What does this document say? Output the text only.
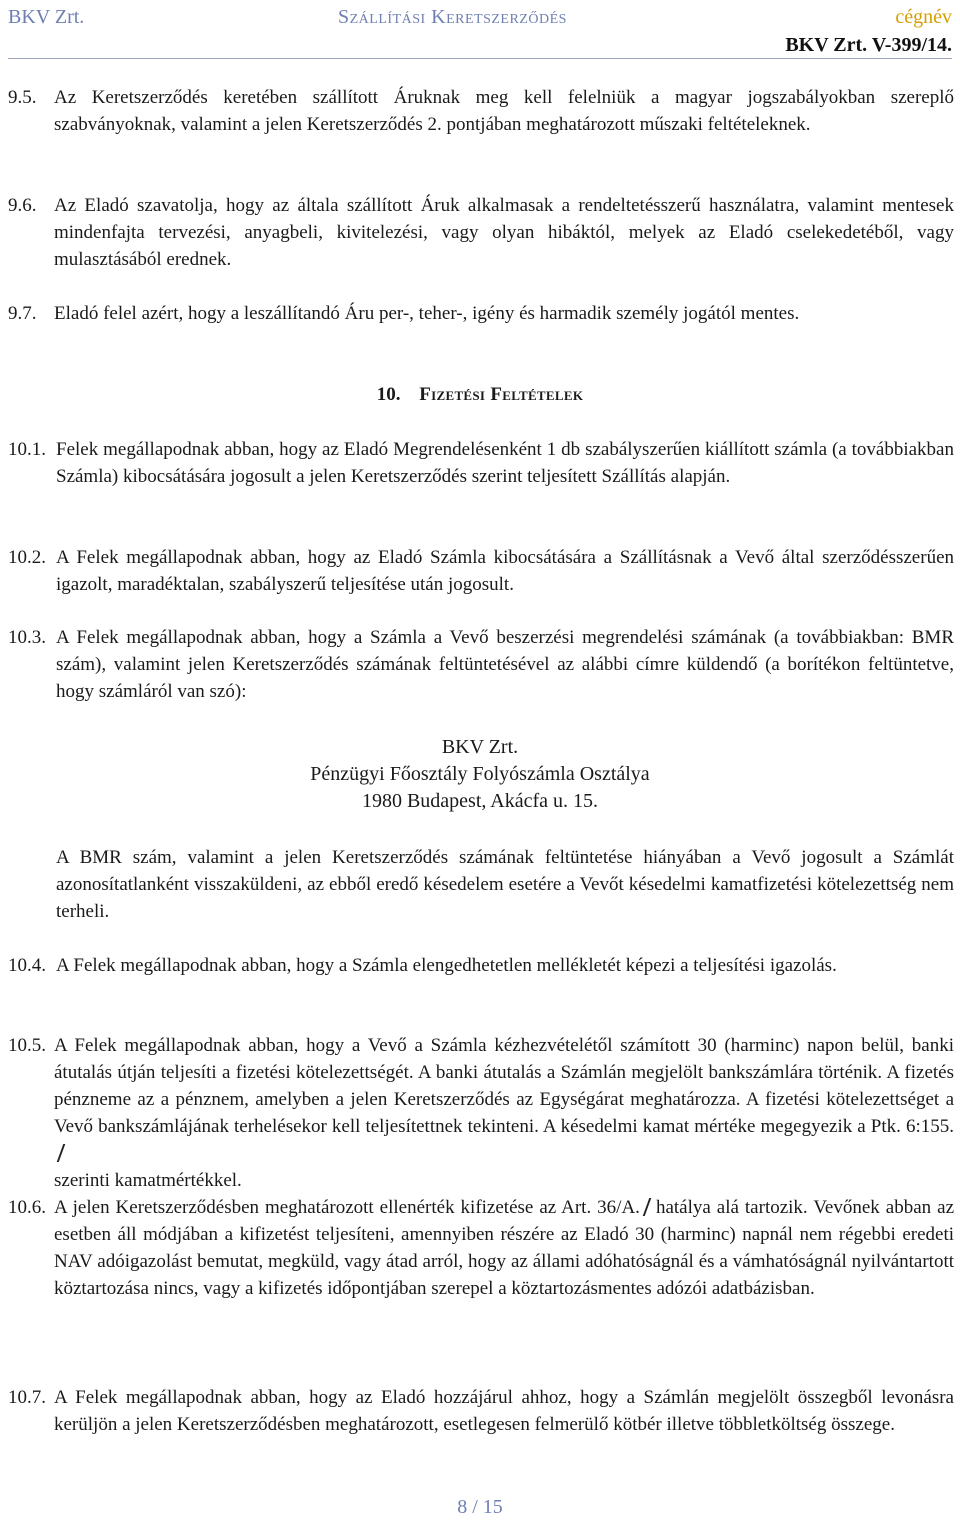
BKV Zrt.	Szállítási Keretszerződés	cégnév
BKV Zrt. V-399/14.
9.5. Az Keretszerződés keretében szállított Áruknak meg kell felelniük a magyar jogszabályokban szereplő szabványoknak, valamint a jelen Keretszerződés 2. pontjában meghatározott műszaki feltételeknek.
9.6. Az Eladó szavatolja, hogy az általa szállított Áruk alkalmasak a rendeltetésszerű használatra, valamint mentesek mindenfajta tervezési, anyagbeli, kivitelezési, vagy olyan hibáktól, melyek az Eladó cselekedetéből, vagy mulasztásából erednek.
9.7. Eladó felel azért, hogy a leszállítandó Áru per-, teher-, igény és harmadik személy jogától mentes.
10. Fizetési Feltételek
10.1. Felek megállapodnak abban, hogy az Eladó Megrendelésenként 1 db szabályszerűen kiállított számla (a továbbiakban Számla) kibocsátására jogosult a jelen Keretszerződés szerint teljesített Szállítás alapján.
10.2. A Felek megállapodnak abban, hogy az Eladó Számla kibocsátására a Szállításnak a Vevő által szerződésszerűen igazolt, maradéktalan, szabályszerű teljesítése után jogosult.
10.3. A Felek megállapodnak abban, hogy a Számla a Vevő beszerzési megrendelési számának (a továbbiakban: BMR szám), valamint jelen Keretszerződés számának feltüntetésével az alábbi címre küldendő (a borítékon feltüntetve, hogy számláról van szó):
BKV Zrt.
Pénzügyi Főosztály Folyószámla Osztálya
1980 Budapest, Akácfa u. 15.
A BMR szám, valamint a jelen Keretszerződés számának feltüntetése hiányában a Vevő jogosult a Számlát azonosítatlanként visszaküldeni, az ebből eredő késedelem esetére a Vevőt késedelmi kamatfizetési kötelezettség nem terheli.
10.4. A Felek megállapodnak abban, hogy a Számla elengedhetetlen mellékletét képezi a teljesítési igazolás.
10.5. A Felek megállapodnak abban, hogy a Vevő a Számla kézhezvételétől számított 30 (harminc) napon belül, banki átutalás útján teljesíti a fizetési kötelezettségét. A banki átutalás a Számlán megjelölt bankszámlára történik. A fizetés pénzneme az a pénznem, amelyben a jelen Keretszerződés az Egységárat meghatározza. A fizetési kötelezettséget a Vevő bankszámlájának terhelésekor kell teljesítettnek tekinteni. A késedelmi kamat mértéke megegyezik a Ptk. 6:155.
szerinti kamatmértékkel.
10.6. A jelen Keretszerződésben meghatározott ellenérték kifizetése az Art. 36/A. hatálya alá tartozik. Vevőnek abban az esetben áll módjában a kifizetést teljesíteni, amennyiben részére az Eladó 30 (harminc) napnál nem régebbi eredeti NAV adóigazolást bemutat, megküld, vagy átad arról, hogy az állami adóhatóságnál és a vámhatóságnál nyilvántartott köztartozása nincs, vagy a kifizetés időpontjában szerepel a köztartozásmentes adózói adatbázisban.
10.7. A Felek megállapodnak abban, hogy az Eladó hozzájárul ahhoz, hogy a Számlán megjelölt összegből levonásra kerüljön a jelen Keretszerződésben meghatározott, esetlegesen felmerülő kötbér illetve többletköltség összege.
8 / 15
